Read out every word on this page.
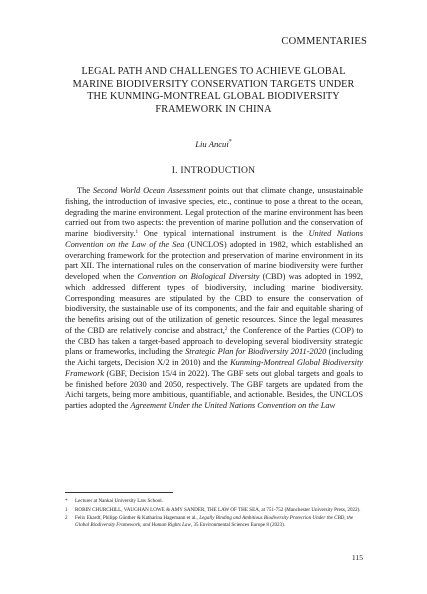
COMMENTARIES
LEGAL PATH AND CHALLENGES TO ACHIEVE GLOBAL
MARINE BIODIVERSITY CONSERVATION TARGETS UNDER
THE KUNMING-MONTREAL GLOBAL BIODIVERSITY
FRAMEWORK IN CHINA
Liu Ancui*
I. INTRODUCTION

The Second World Ocean Assessment points out that climate change, unsustainable fishing, the introduction of invasive species, etc., continue to pose a threat to the ocean, degrading the marine environment. Legal protection of the marine environment has been carried out from two aspects: the prevention of marine pollution and the conservation of marine biodiversity.$^1$ One typical international instrument is the United Nations Convention on the Law of the Sea (UNCLOS) adopted in 1982, which established an overarching framework for the protection and preservation of marine environment in its part XII. The international rules on the conservation of marine biodiversity were further developed when the Convention on Biological Diversity (CBD) was adopted in 1992, which addressed different types of biodiversity, including marine biodiversity. Corresponding measures are stipulated by the CBD to ensure the conservation of biodiversity, the sustainable use of its components, and the fair and equitable sharing of the benefits arising out of the utilization of genetic resources. Since the legal measures of the CBD are relatively concise and abstract,$^2$ the Conference of the Parties (COP) to the CBD has taken a target-based approach to developing several biodiversity strategic plans or frameworks, including the Strategic Plan for Biodiversity 2011-2020 (including the Aichi targets, Decision X/2 in 2010) and the Kunming-Montreal Global Biodiversity Framework (GBF, Decision 15/4 in 2022). The GBF sets out global targets and goals to be finished before 2030 and 2050, respectively. The GBF targets are updated from the Aichi targets, being more ambitious, quantifiable, and actionable. Besides, the UNCLOS parties adopted the Agreement Under the United Nations Convention on the Law

*	Lecturer at Nankai University Law School.
1	ROBIN CHURCHILL, VAUGHAN LOWE & AMY SANDER, THE LAW OF THE SEA, at 751-752 (Manchester University Press, 2022).
2	Felix Ekardt, Philipp Günther & Katharina Hagemann et al., Legally Binding and Ambitious Biodiversity Protection Under the CBD, the Global Biodiversity Framework, and Human Rights Law, 35 Environmental Sciences Europe 8 (2023).
115
